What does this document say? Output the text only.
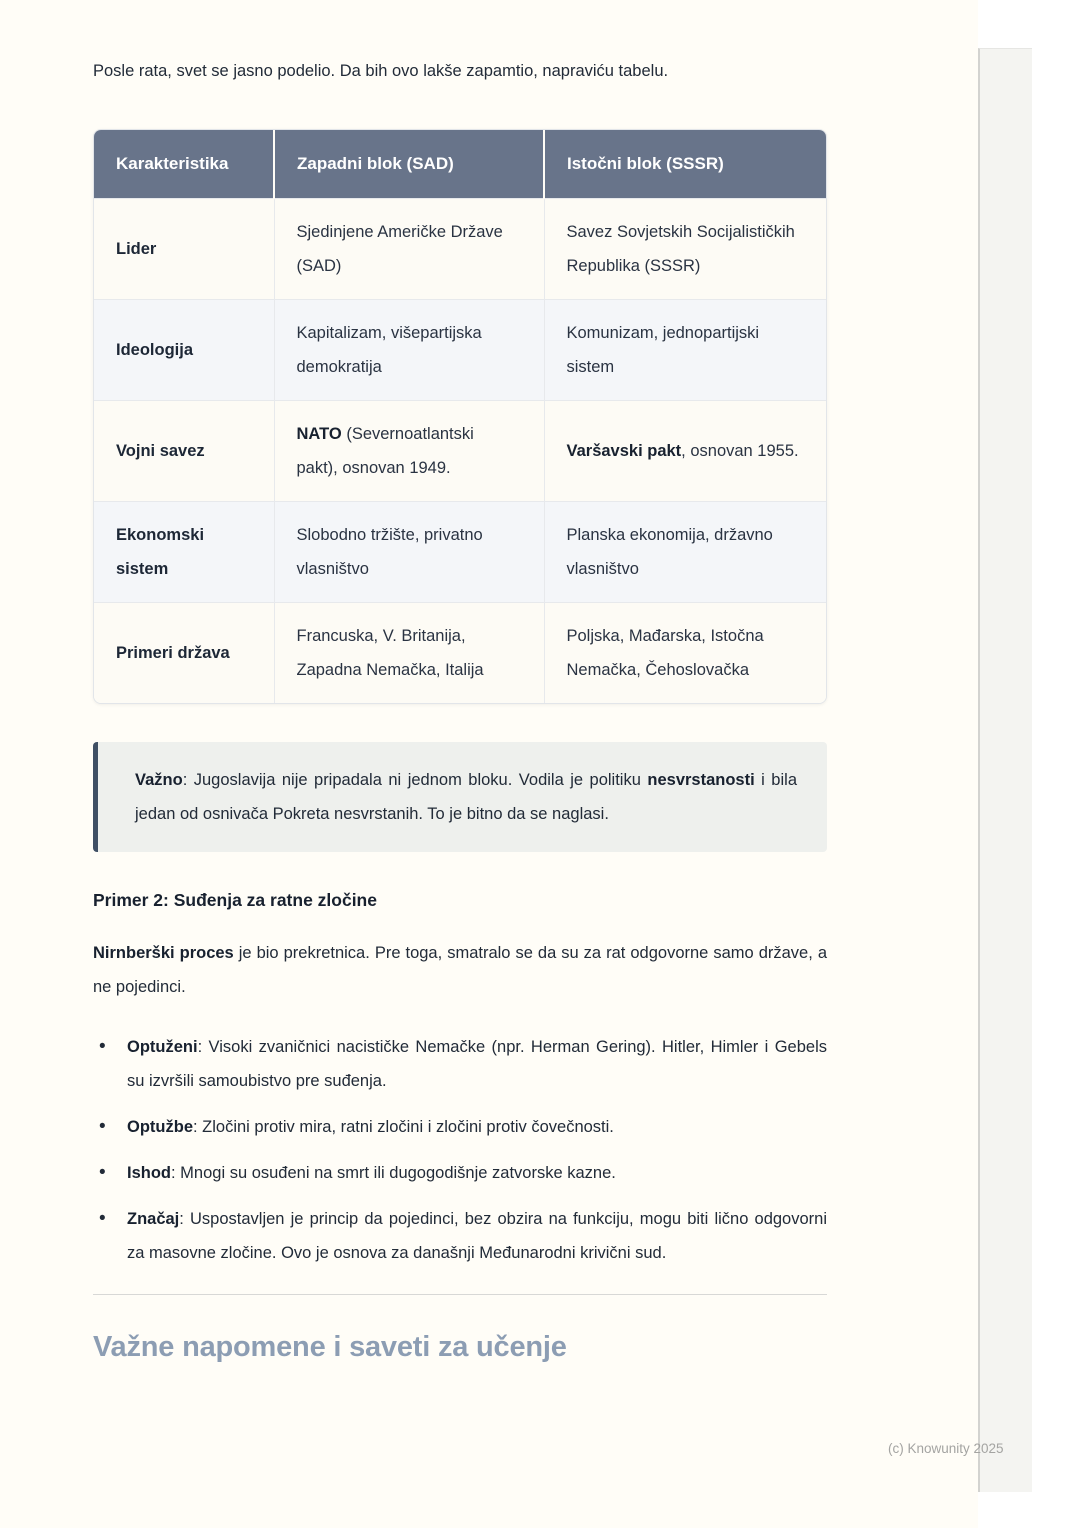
Posle rata, svet se jasno podelio. Da bih ovo lakše zapamtio, napraviću tabelu.

Karakteristika	Zapadni blok (SAD)	Istočni blok (SSSR)
Lider	Sjedinjene Američke Države (SAD)	Savez Sovjetskih Socijalističkih Republika (SSSR)
Ideologija	Kapitalizam, višepartijska demokratija	Komunizam, jednopartijski sistem
Vojni savez	NATO (Severnoatlantski pakt), osnovan 1949.	Varšavski pakt, osnovan 1955.
Ekonomski sistem	Slobodno tržište, privatno vlasništvo	Planska ekonomija, državno vlasništvo
Primeri država	Francuska, V. Britanija, Zapadna Nemačka, Italija	Poljska, Mađarska, Istočna Nemačka, Čehoslovačka
Važno: Jugoslavija nije pripadala ni jednom bloku. Vodila je politiku nesvrstanosti i bila jedan od osnivača Pokreta nesvrstanih. To je bitno da se naglasi.
Primer 2: Suđenja za ratne zločine

Nirnberški proces je bio prekretnica. Pre toga, smatralo se da su za rat odgovorne samo države, a ne pojedinci.

• Optuženi: Visoki zvaničnici nacističke Nemačke (npr. Herman Gering). Hitler, Himler i Gebels su izvršili samoubistvo pre suđenja.
• Optužbe: Zločini protiv mira, ratni zločini i zločini protiv čovečnosti.
• Ishod: Mnogi su osuđeni na smrt ili dugogodišnje zatvorske kazne.
• Značaj: Uspostavljen je princip da pojedinci, bez obzira na funkciju, mogu biti lično odgovorni za masovne zločine. Ovo je osnova za današnji Međunarodni krivični sud.
Važne napomene i saveti za učenje
(c) Knowunity 2025
